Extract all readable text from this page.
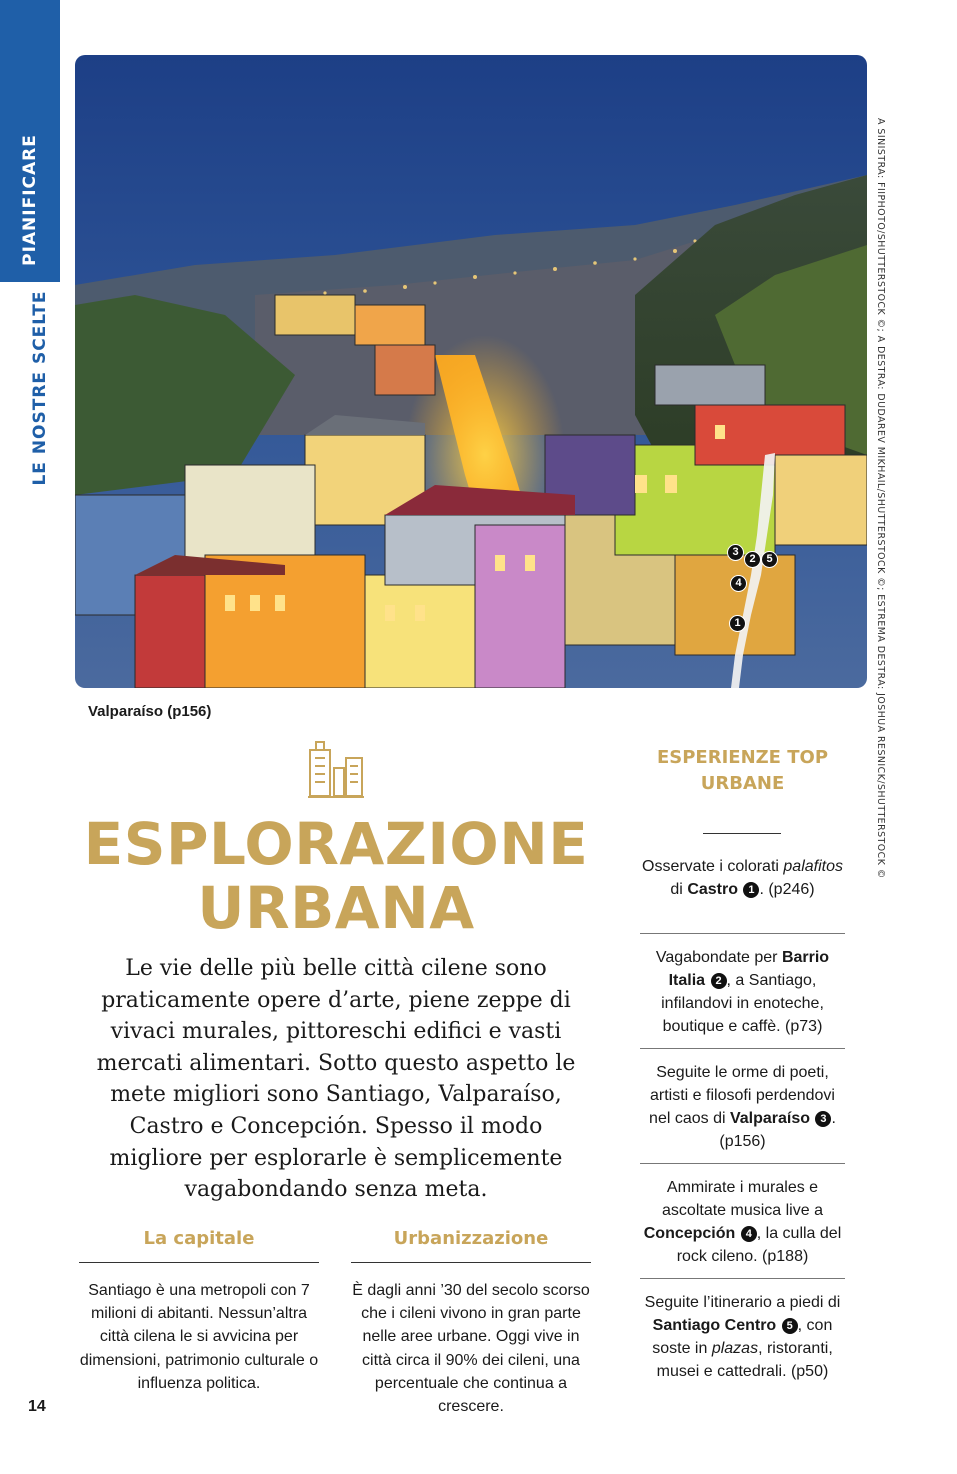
PIANIFICARE
LE NOSTRE SCELTE	A SINISTRA: FIIPHOTO/SHUTTERSTOCK ©; A DESTRA: DUDAREV MIKHAIL/SHUTTERSTOCK ©; ESTREMA DESTRA: JOSHUA RESNICK/SHUTTERSTOCK ©
3
2 5
4
1
Valparaíso (p156)
ESPLORAZIONE
URBANA
Le vie delle più belle città cilene sono praticamente opere d’arte, piene zeppe di vivaci murales, pittoreschi edifici e vasti mercati alimentari. Sotto questo aspetto le mete migliori sono Santiago, Valparaíso, Castro e Concepción. Spesso il modo migliore per esplorarle è semplicemente vagabondando senza meta.
La capitale
Santiago è una metropoli con 7 milioni di abitanti. Nessun’altra città cilena le si avvicina per dimensioni, patrimonio culturale o influenza politica.
Urbanizzazione
È dagli anni ’30 del secolo scorso che i cileni vivono in gran parte nelle aree urbane. Oggi vive in città circa il 90% dei cileni, una percentuale che continua a crescere.
ESPERIENZE TOP
URBANE
Osservate i colorati palafitos di Castro 1 . (p246)
Vagabondate per Barrio Italia 2 , a Santiago, infilandovi in enoteche, boutique e caffè. (p73)
Seguite le orme di poeti, artisti e filosofi perdendovi nel caos di Valparaíso 3 . (p156)
Ammirate i murales e ascoltate musica live a Concepción 4 , la culla del rock cileno. (p188)
Seguite l’itinerario a piedi di Santiago Centro 5 , con soste in plazas, ristoranti, musei e cattedrali. (p50)
14
